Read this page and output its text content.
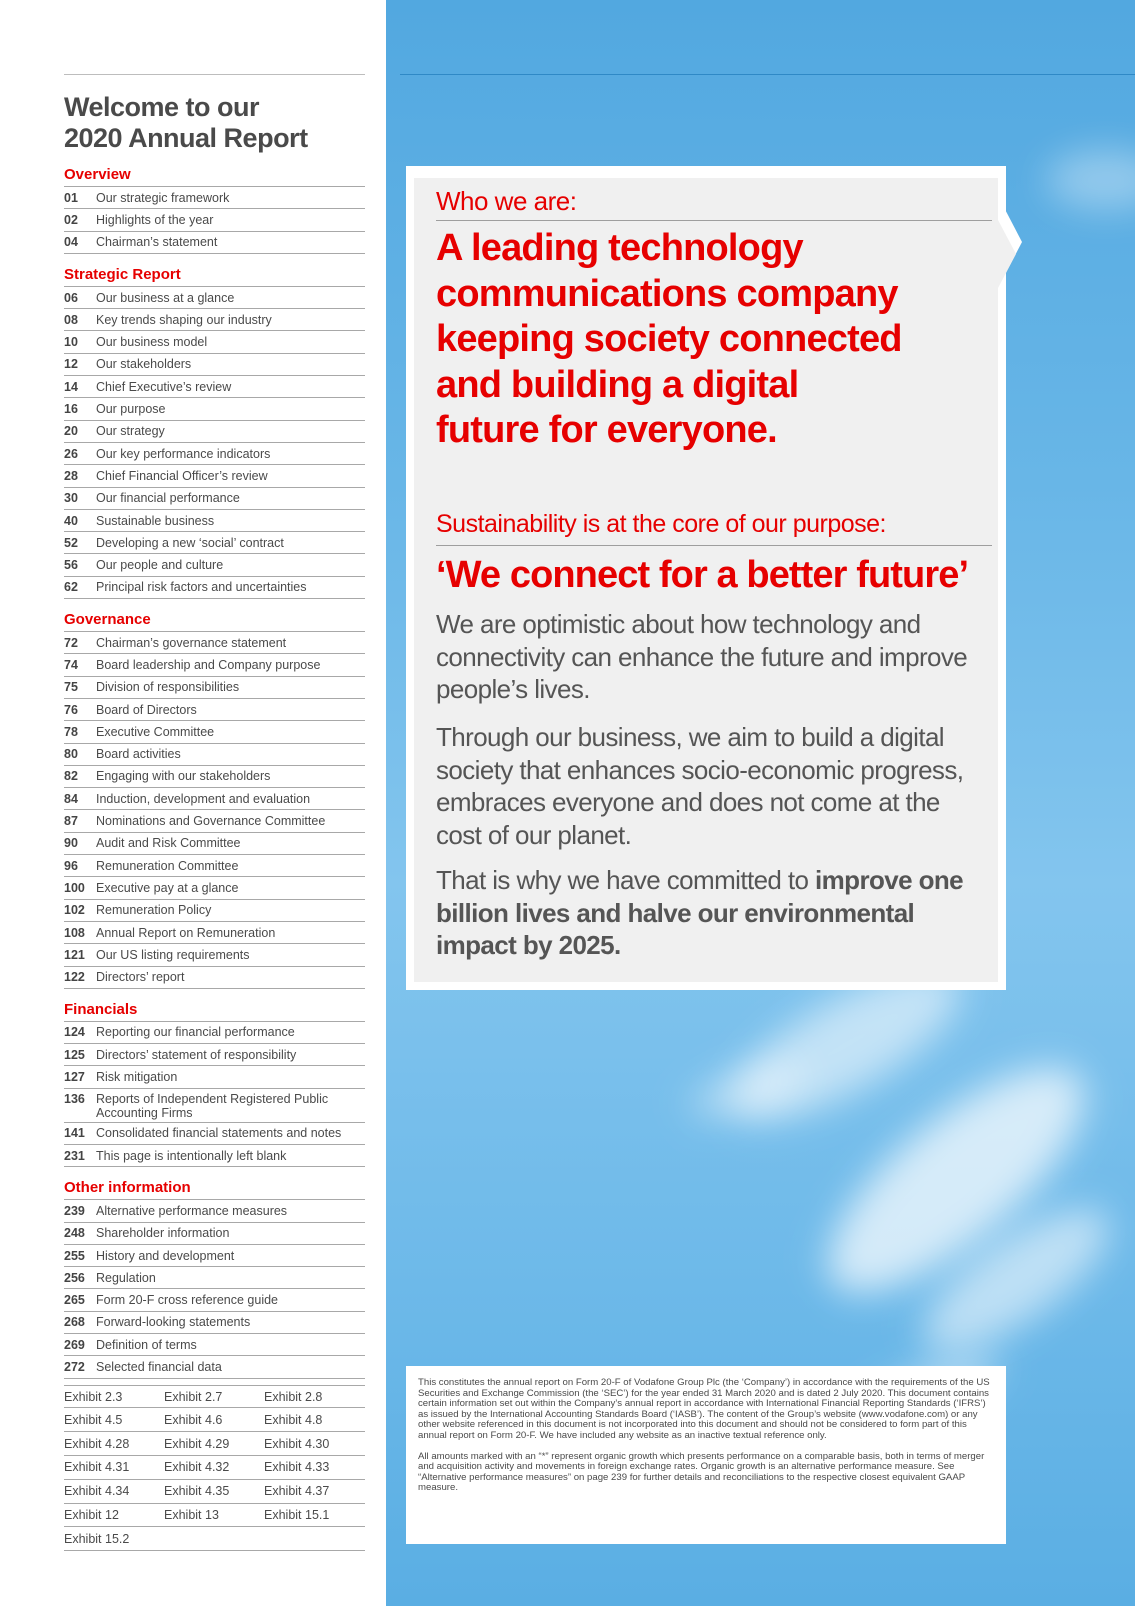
Welcome to our
2020 Annual Report
Overview
01	Our strategic framework
02	Highlights of the year
04	Chairman’s statement
Strategic Report
06	Our business at a glance
08	Key trends shaping our industry
10	Our business model
12	Our stakeholders
14	Chief Executive’s review
16	Our purpose
20	Our strategy
26	Our key performance indicators
28	Chief Financial Officer’s review
30	Our financial performance
40	Sustainable business
52	Developing a new ‘social’ contract
56	Our people and culture
62	Principal risk factors and uncertainties
Governance
72	Chairman’s governance statement
74	Board leadership and Company purpose
75	Division of responsibilities
76	Board of Directors
78	Executive Committee
80	Board activities
82	Engaging with our stakeholders
84	Induction, development and evaluation
87	Nominations and Governance Committee
90	Audit and Risk Committee
96	Remuneration Committee
100 Executive pay at a glance
102 Remuneration Policy
108 Annual Report on Remuneration
121 Our US listing requirements
122 Directors’ report
Financials
124 Reporting our financial performance
125 Directors’ statement of responsibility
127 Risk mitigation
136 Reports of Independent Registered Public Accounting Firms
141 Consolidated financial statements and notes
231 This page is intentionally left blank
Other information
239 Alternative performance measures
248 Shareholder information
255 History and development
256 Regulation
265 Form 20-F cross reference guide
268 Forward-looking statements
269 Definition of terms
272 Selected financial data
Exhibit 2.3	Exhibit 2.7	Exhibit 2.8
Exhibit 4.5	Exhibit 4.6	Exhibit 4.8
Exhibit 4.28	Exhibit 4.29	Exhibit 4.30
Exhibit 4.31	Exhibit 4.32	Exhibit 4.33
Exhibit 4.34	Exhibit 4.35	Exhibit 4.37
Exhibit 12	Exhibit 13	Exhibit 15.1
Exhibit 15.2
Who we are:
A leading technology
communications company
keeping society connected
and building a digital
future for everyone.
Sustainability is at the core of our purpose:
‘We connect for a better future’

We are optimistic about how technology and connectivity can enhance the future and improve people’s lives.

Through our business, we aim to build a digital society that enhances socio-economic progress, embraces everyone and does not come at the cost of our planet.

That is why we have committed to improve one billion lives and halve our environmental impact by 2025.

This constitutes the annual report on Form 20-F of Vodafone Group Plc (the ‘Company’) in accordance with the requirements of the US Securities and Exchange Commission (the ‘SEC’) for the year ended 31 March 2020 and is dated 2 July 2020. This document contains certain information set out within the Company’s annual report in accordance with International Financial Reporting Standards (‘IFRS’) as issued by the International Accounting Standards Board (‘IASB’). The content of the Group’s website (www.vodafone.com) or any other website referenced in this document is not incorporated into this document and should not be considered to form part of this annual report on Form 20-F. We have included any website as an inactive textual reference only.

All amounts marked with an “*” represent organic growth which presents performance on a comparable basis, both in terms of merger and acquisition activity and movements in foreign exchange rates. Organic growth is an alternative performance measure. See “Alternative performance measures” on page 239 for further details and reconciliations to the respective closest equivalent GAAP measure.
